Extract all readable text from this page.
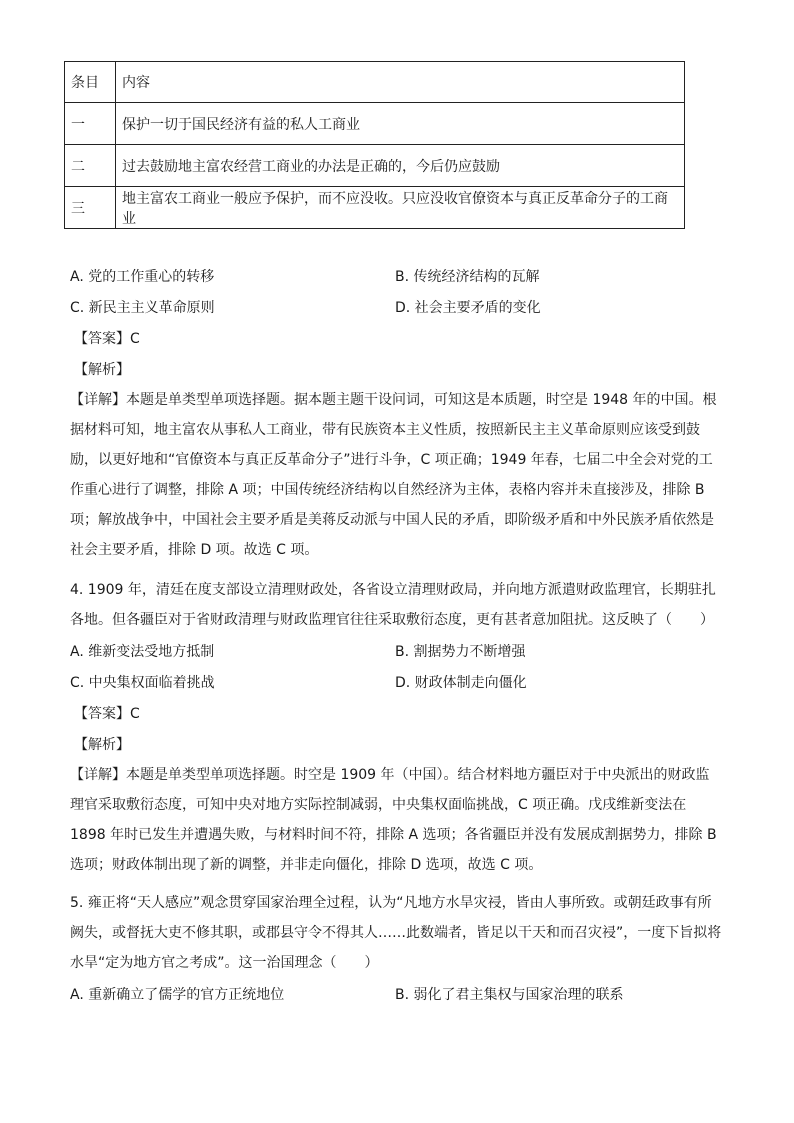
条目	内容
一	保护一切于国民经济有益的私人工商业
二	过去鼓励地主富农经营工商业的办法是正确的，今后仍应鼓励
三	地主富农工商业一般应予保护，而不应没收。只应没收官僚资本与真正反革命分子的工商业
A. 党的工作重心的转移	B. 传统经济结构的瓦解
C. 新民主主义革命原则	D. 社会主要矛盾的变化
【答案】C
【解析】
【详解】本题是单类型单项选择题。据本题主题干设问词，可知这是本质题，时空是 1948 年的中国。根据材料可知，地主富农从事私人工商业，带有民族资本主义性质，按照新民主主义革命原则应该受到鼓励，以更好地和“官僚资本与真正反革命分子”进行斗争，C 项正确；1949 年春，七届二中全会对党的工作重心进行了调整，排除 A 项；中国传统经济结构以自然经济为主体，表格内容并未直接涉及，排除 B 项；解放战争中，中国社会主要矛盾是美蒋反动派与中国人民的矛盾，即阶级矛盾和中外民族矛盾依然是社会主要矛盾，排除 D 项。故选 C 项。
4. 1909 年，清廷在度支部设立清理财政处，各省设立清理财政局，并向地方派遣财政监理官，长期驻扎各地。但各疆臣对于省财政清理与财政监理官往往采取敷衍态度，更有甚者意加阻扰。这反映了（　　）
A. 维新变法受地方抵制	B. 割据势力不断增强
C. 中央集权面临着挑战	D. 财政体制走向僵化
【答案】C
【解析】
【详解】本题是单类型单项选择题。时空是 1909 年（中国）。结合材料地方疆臣对于中央派出的财政监理官采取敷衍态度，可知中央对地方实际控制减弱，中央集权面临挑战，C 项正确。戊戌维新变法在 1898 年时已发生并遭遇失败，与材料时间不符，排除 A 选项；各省疆臣并没有发展成割据势力，排除 B 选项；财政体制出现了新的调整，并非走向僵化，排除 D 选项，故选 C 项。
5. 雍正将“天人感应”观念贯穿国家治理全过程，认为“凡地方水旱灾祲，皆由人事所致。或朝廷政事有所阙失，或督抚大吏不修其职，或郡县守令不得其人……此数端者，皆足以干天和而召灾祲”，一度下旨拟将水旱“定为地方官之考成”。这一治国理念（　　）
A. 重新确立了儒学的官方正统地位	B. 弱化了君主集权与国家治理的联系
